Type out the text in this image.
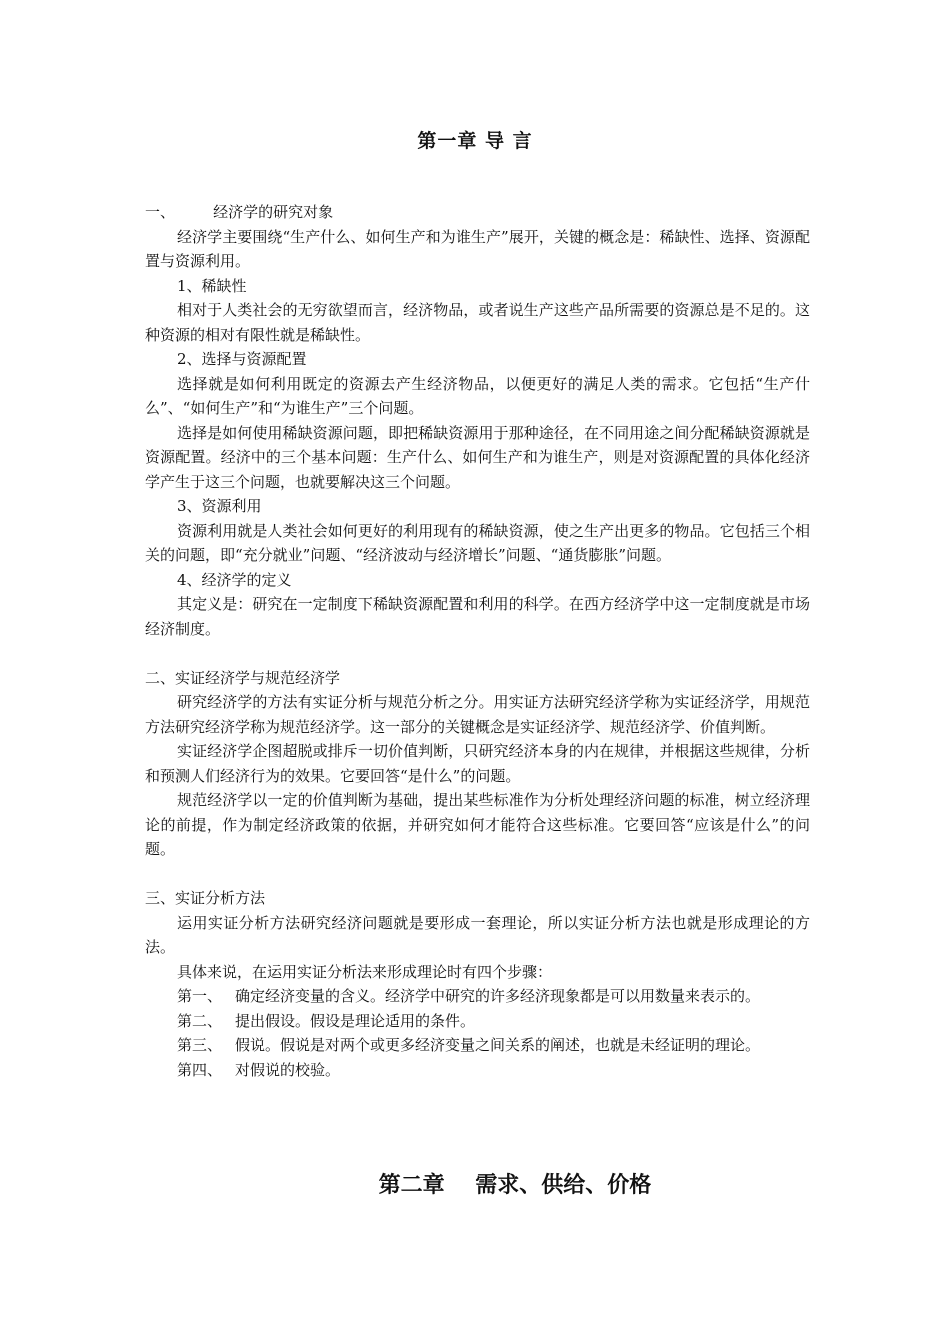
第一章 导 言

一、        经济学的研究对象

经济学主要围绕“生产什么、如何生产和为谁生产”展开，关键的概念是：稀缺性、选择、资源配置与资源利用。

1、稀缺性

相对于人类社会的无穷欲望而言，经济物品，或者说生产这些产品所需要的资源总是不足的。这种资源的相对有限性就是稀缺性。

2、选择与资源配置

选择就是如何利用既定的资源去产生经济物品，以便更好的满足人类的需求。它包括“生产什么”、“如何生产”和“为谁生产”三个问题。

选择是如何使用稀缺资源问题，即把稀缺资源用于那种途径，在不同用途之间分配稀缺资源就是资源配置。经济中的三个基本问题：生产什么、如何生产和为谁生产，则是对资源配置的具体化经济学产生于这三个问题，也就要解决这三个问题。

3、资源利用

资源利用就是人类社会如何更好的利用现有的稀缺资源，使之生产出更多的物品。它包括三个相关的问题，即“充分就业”问题、“经济波动与经济增长”问题、“通货膨胀”问题。

4、经济学的定义

其定义是：研究在一定制度下稀缺资源配置和利用的科学。在西方经济学中这一定制度就是市场经济制度。

二、实证经济学与规范经济学

研究经济学的方法有实证分析与规范分析之分。用实证方法研究经济学称为实证经济学，用规范方法研究经济学称为规范经济学。这一部分的关键概念是实证经济学、规范经济学、价值判断。

实证经济学企图超脱或排斥一切价值判断，只研究经济本身的内在规律，并根据这些规律，分析和预测人们经济行为的效果。它要回答“是什么”的问题。

规范经济学以一定的价值判断为基础，提出某些标准作为分析处理经济问题的标准，树立经济理论的前提，作为制定经济政策的依据，并研究如何才能符合这些标准。它要回答“应该是什么”的问题。

三、实证分析方法

运用实证分析方法研究经济问题就是要形成一套理论，所以实证分析方法也就是形成理论的方法。

具体来说，在运用实证分析法来形成理论时有四个步骤：

第一、 确定经济变量的含义。经济学中研究的许多经济现象都是可以用数量来表示的。

第二、 提出假设。假设是理论适用的条件。

第三、 假说。假说是对两个或更多经济变量之间关系的阐述，也就是未经证明的理论。

第四、 对假说的校验。

第二章    需求、供给、价格
